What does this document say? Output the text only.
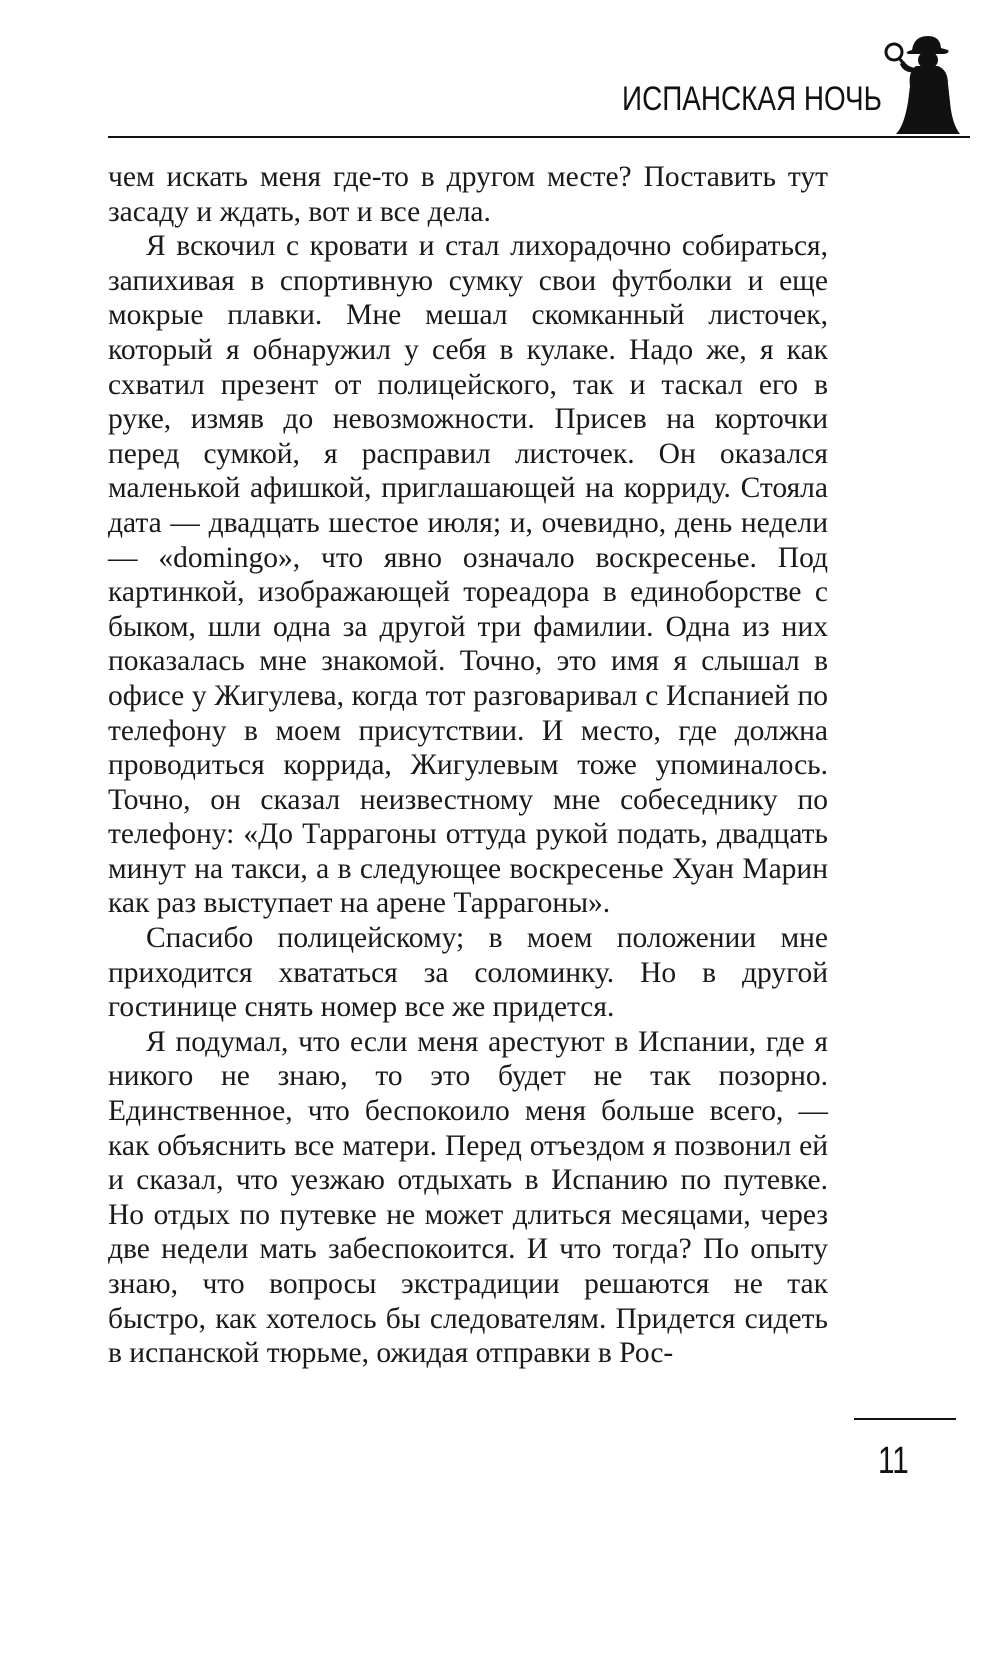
ИСПАНСКАЯ НОЧЬ

чем искать меня где-то в другом месте? Поставить тут засаду и ждать, вот и все дела.

Я вскочил с кровати и стал лихорадочно собираться, запихивая в спортивную сумку свои футболки и еще мокрые плавки. Мне мешал скомканный листочек, который я обнаружил у себя в кулаке. Надо же, я как схватил презент от полицейского, так и таскал его в руке, измяв до невозможности. Присев на корточки перед сумкой, я расправил листочек. Он оказался маленькой афишкой, приглашающей на корриду. Стояла дата — двадцать шестое июля; и, очевидно, день недели — «domingo», что явно означало воскресенье. Под картинкой, изображающей тореадора в единоборстве с быком, шли одна за другой три фамилии. Одна из них показалась мне знакомой. Точно, это имя я слышал в офисе у Жигулева, когда тот разговаривал с Испанией по телефону в моем присутствии. И место, где должна проводиться коррида, Жигулевым тоже упоминалось. Точно, он сказал неизвестному мне собеседнику по телефону: «До Таррагоны оттуда рукой подать, двадцать минут на такси, а в следующее воскресенье Хуан Марин как раз выступает на арене Таррагоны».

Спасибо полицейскому; в моем положении мне приходится хвататься за соломинку. Но в другой гостинице снять номер все же придется.

Я подумал, что если меня арестуют в Испании, где я никого не знаю, то это будет не так позорно. Единственное, что беспокоило меня больше всего, — как объяснить все матери. Перед отъездом я позвонил ей и сказал, что уезжаю отдыхать в Испанию по путевке. Но отдых по путевке не может длиться месяцами, через две недели мать забеспокоится. И что тогда? По опыту знаю, что вопросы экстрадиции решаются не так быстро, как хотелось бы следователям. Придется сидеть в испанской тюрьме, ожидая отправки в Рос-

11
